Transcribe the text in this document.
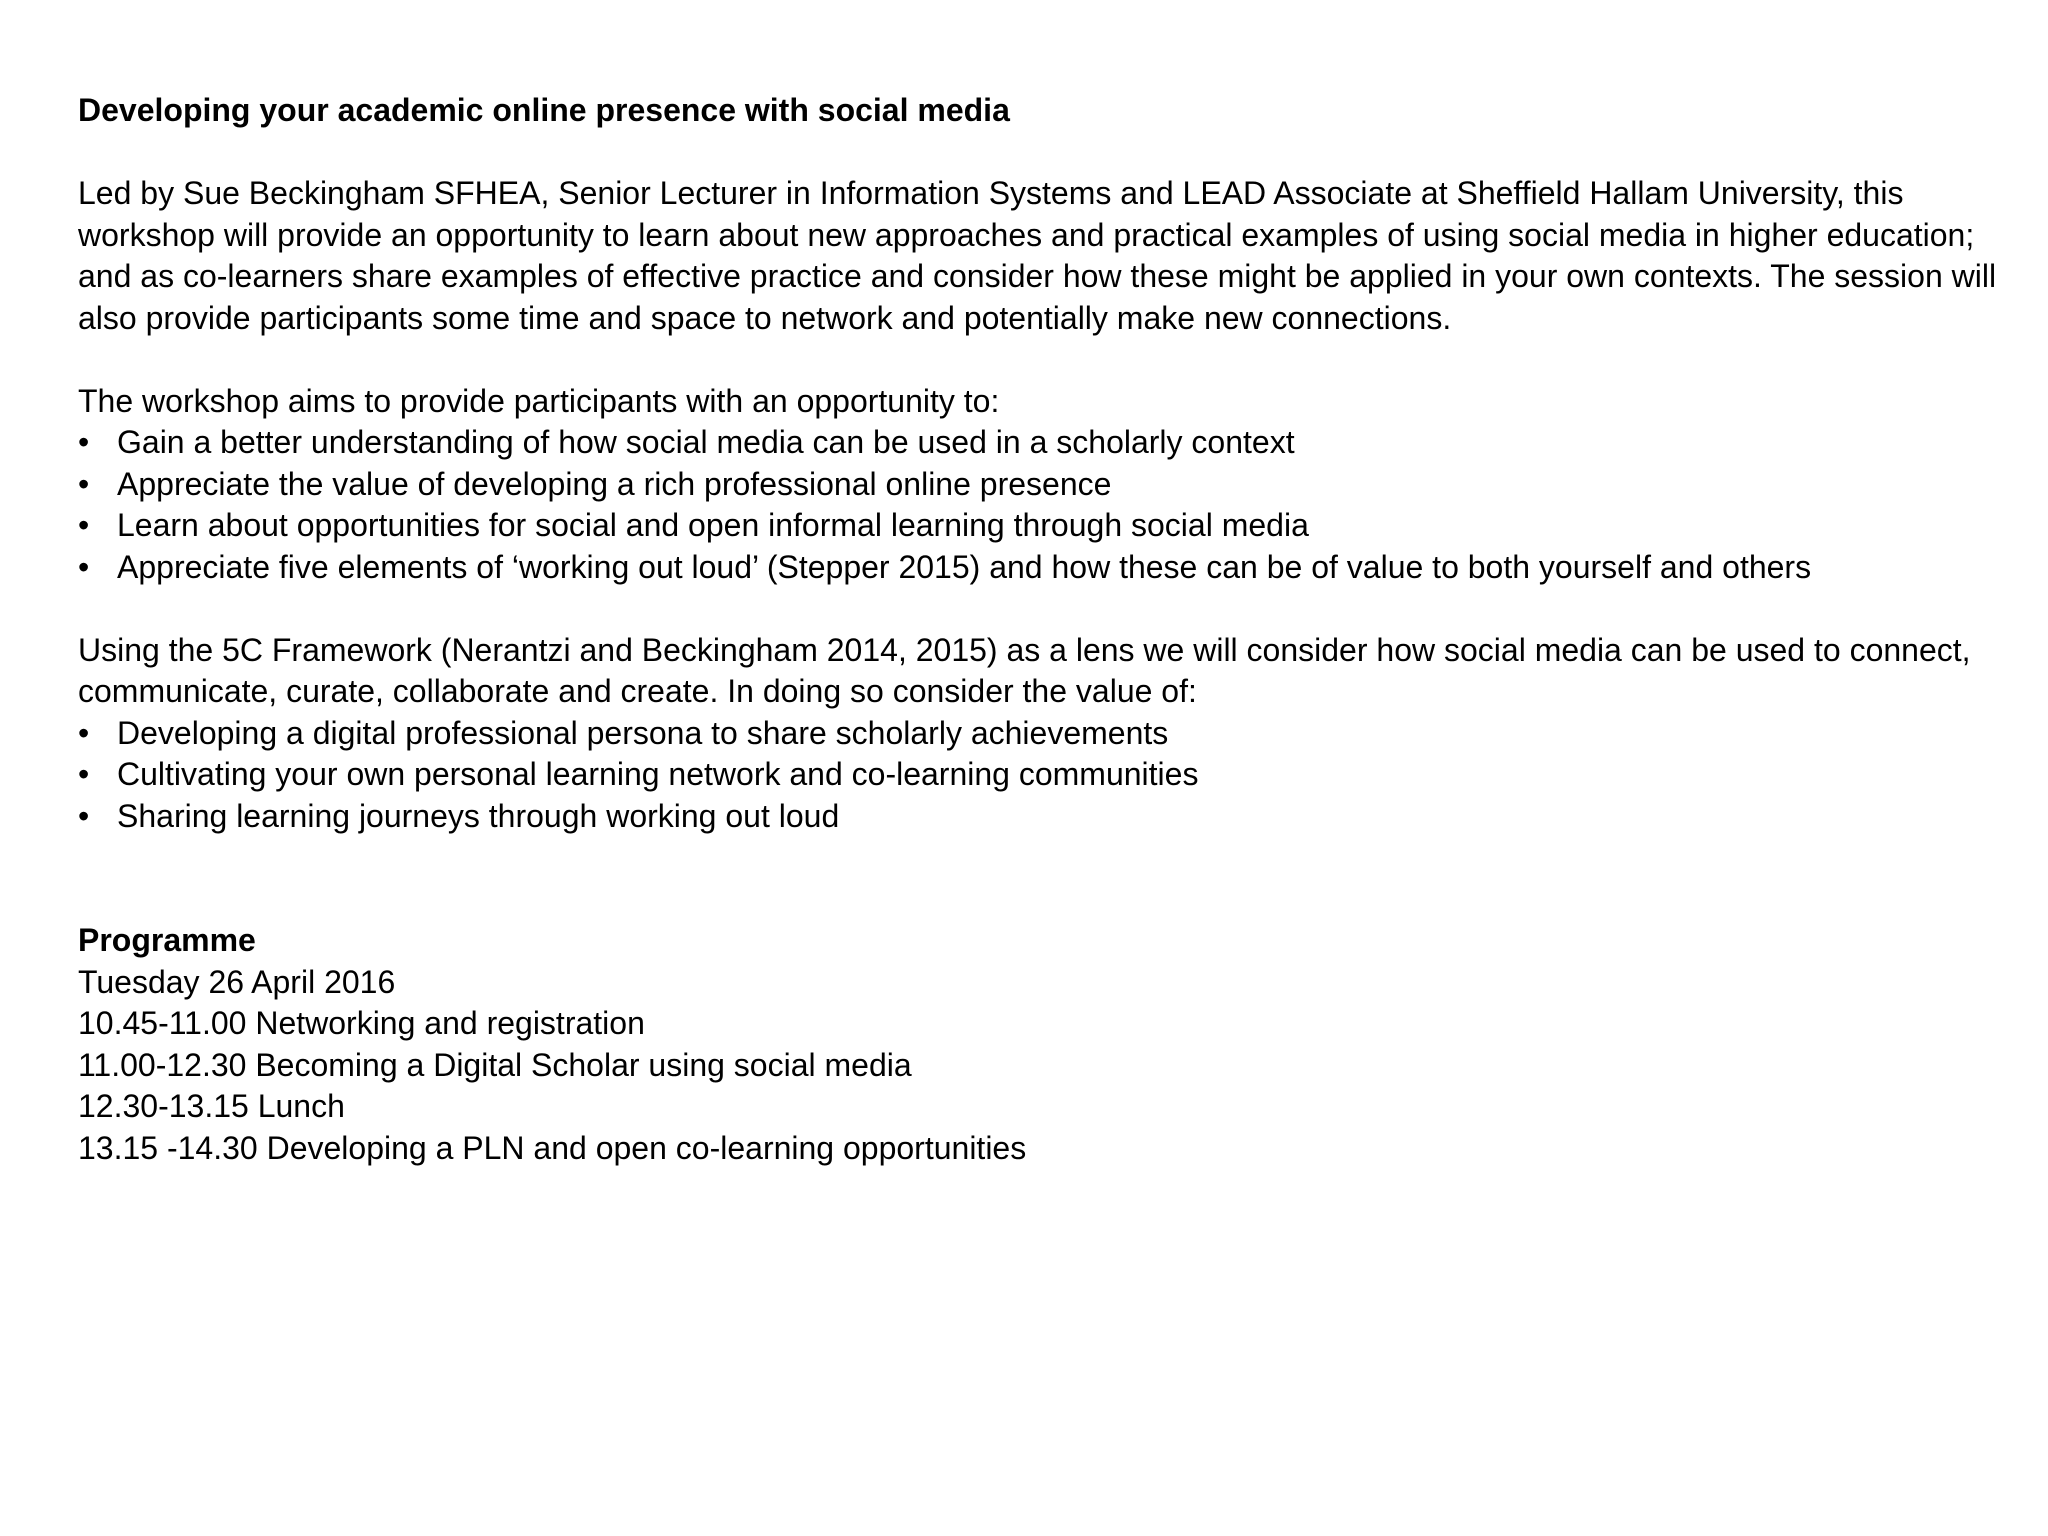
Developing your academic online presence with social media

Led by Sue Beckingham SFHEA, Senior Lecturer in Information Systems and LEAD Associate at Sheffield Hallam University, this workshop will provide an opportunity to learn about new approaches and practical examples of using social media in higher education; and as co-learners share examples of effective practice and consider how these might be applied in your own contexts. The session will also provide participants some time and space to network and potentially make new connections.

The workshop aims to provide participants with an opportunity to:

• Gain a better understanding of how social media can be used in a scholarly context
• Appreciate the value of developing a rich professional online presence
• Learn about opportunities for social and open informal learning through social media
• Appreciate five elements of ‘working out loud’ (Stepper 2015) and how these can be of value to both yourself and others

Using the 5C Framework (Nerantzi and Beckingham 2014, 2015) as a lens we will consider how social media can be used to connect, communicate, curate, collaborate and create. In doing so consider the value of:

• Developing a digital professional persona to share scholarly achievements
• Cultivating your own personal learning network and co-learning communities
• Sharing learning journeys through working out loud

Programme

Tuesday 26 April 2016

10.45-11.00 Networking and registration

11.00-12.30 Becoming a Digital Scholar using social media

12.30-13.15 Lunch

13.15 -14.30 Developing a PLN and open co-learning opportunities
